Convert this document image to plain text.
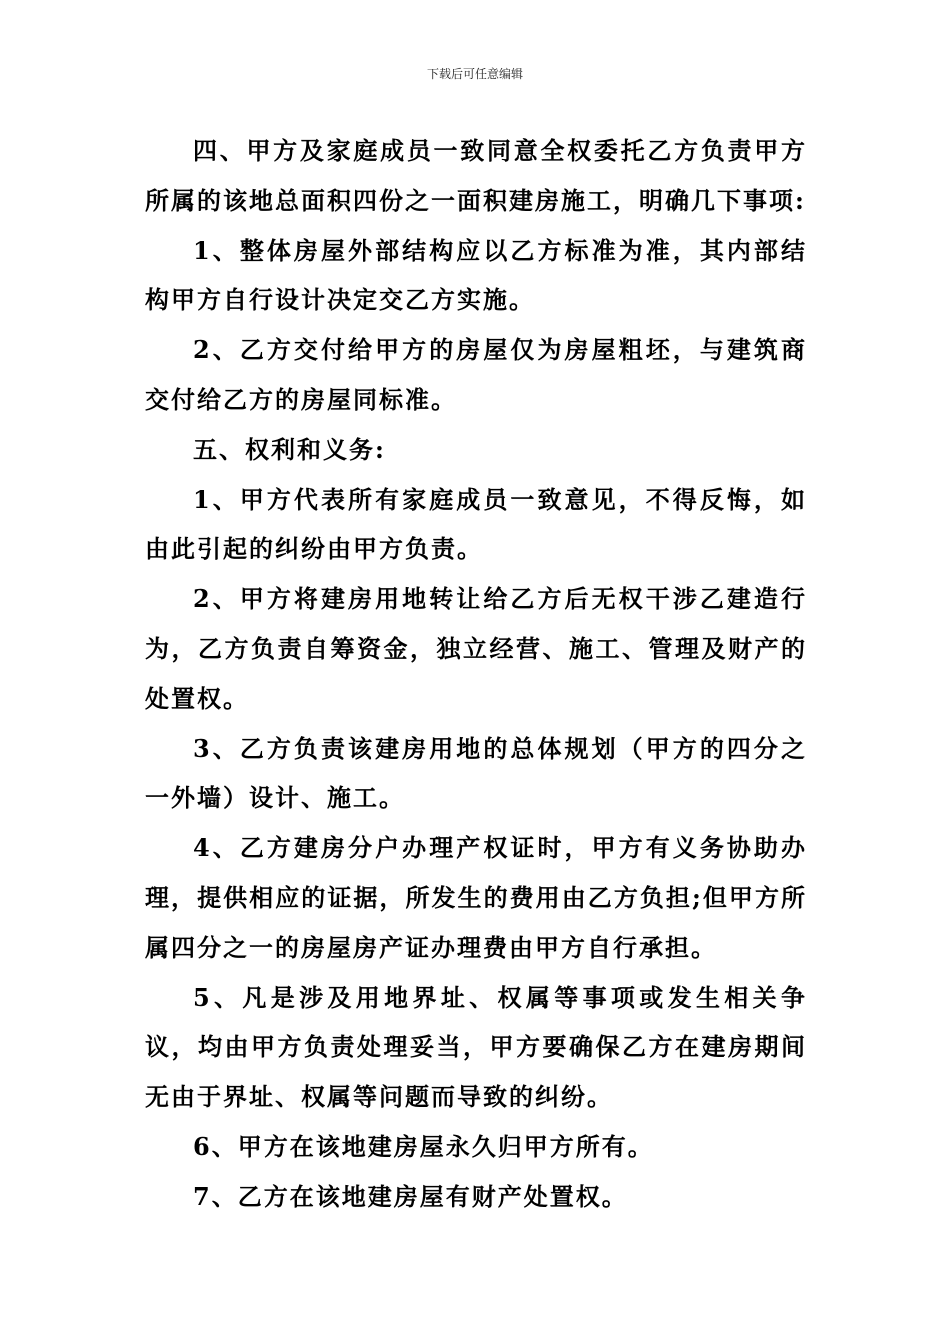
下载后可任意编辑

四、甲方及家庭成员一致同意全权委托乙方负责甲方所属的该地总面积四份之一面积建房施工，明确几下事项:

1、整体房屋外部结构应以乙方标准为准，其内部结构甲方自行设计决定交乙方实施。

2、乙方交付给甲方的房屋仅为房屋粗坯，与建筑商交付给乙方的房屋同标准。

五、权利和义务:

1、甲方代表所有家庭成员一致意见，不得反悔，如由此引起的纠纷由甲方负责。

2、甲方将建房用地转让给乙方后无权干涉乙建造行为，乙方负责自筹资金，独立经营、施工、管理及财产的处置权。

3、乙方负责该建房用地的总体规划（甲方的四分之一外墙）设计、施工。

4、乙方建房分户办理产权证时，甲方有义务协助办理，提供相应的证据，所发生的费用由乙方负担;但甲方所属四分之一的房屋房产证办理费由甲方自行承担。

5、凡是涉及用地界址、权属等事项或发生相关争议，均由甲方负责处理妥当，甲方要确保乙方在建房期间无由于界址、权属等问题而导致的纠纷。

6、甲方在该地建房屋永久归甲方所有。

7、乙方在该地建房屋有财产处置权。
